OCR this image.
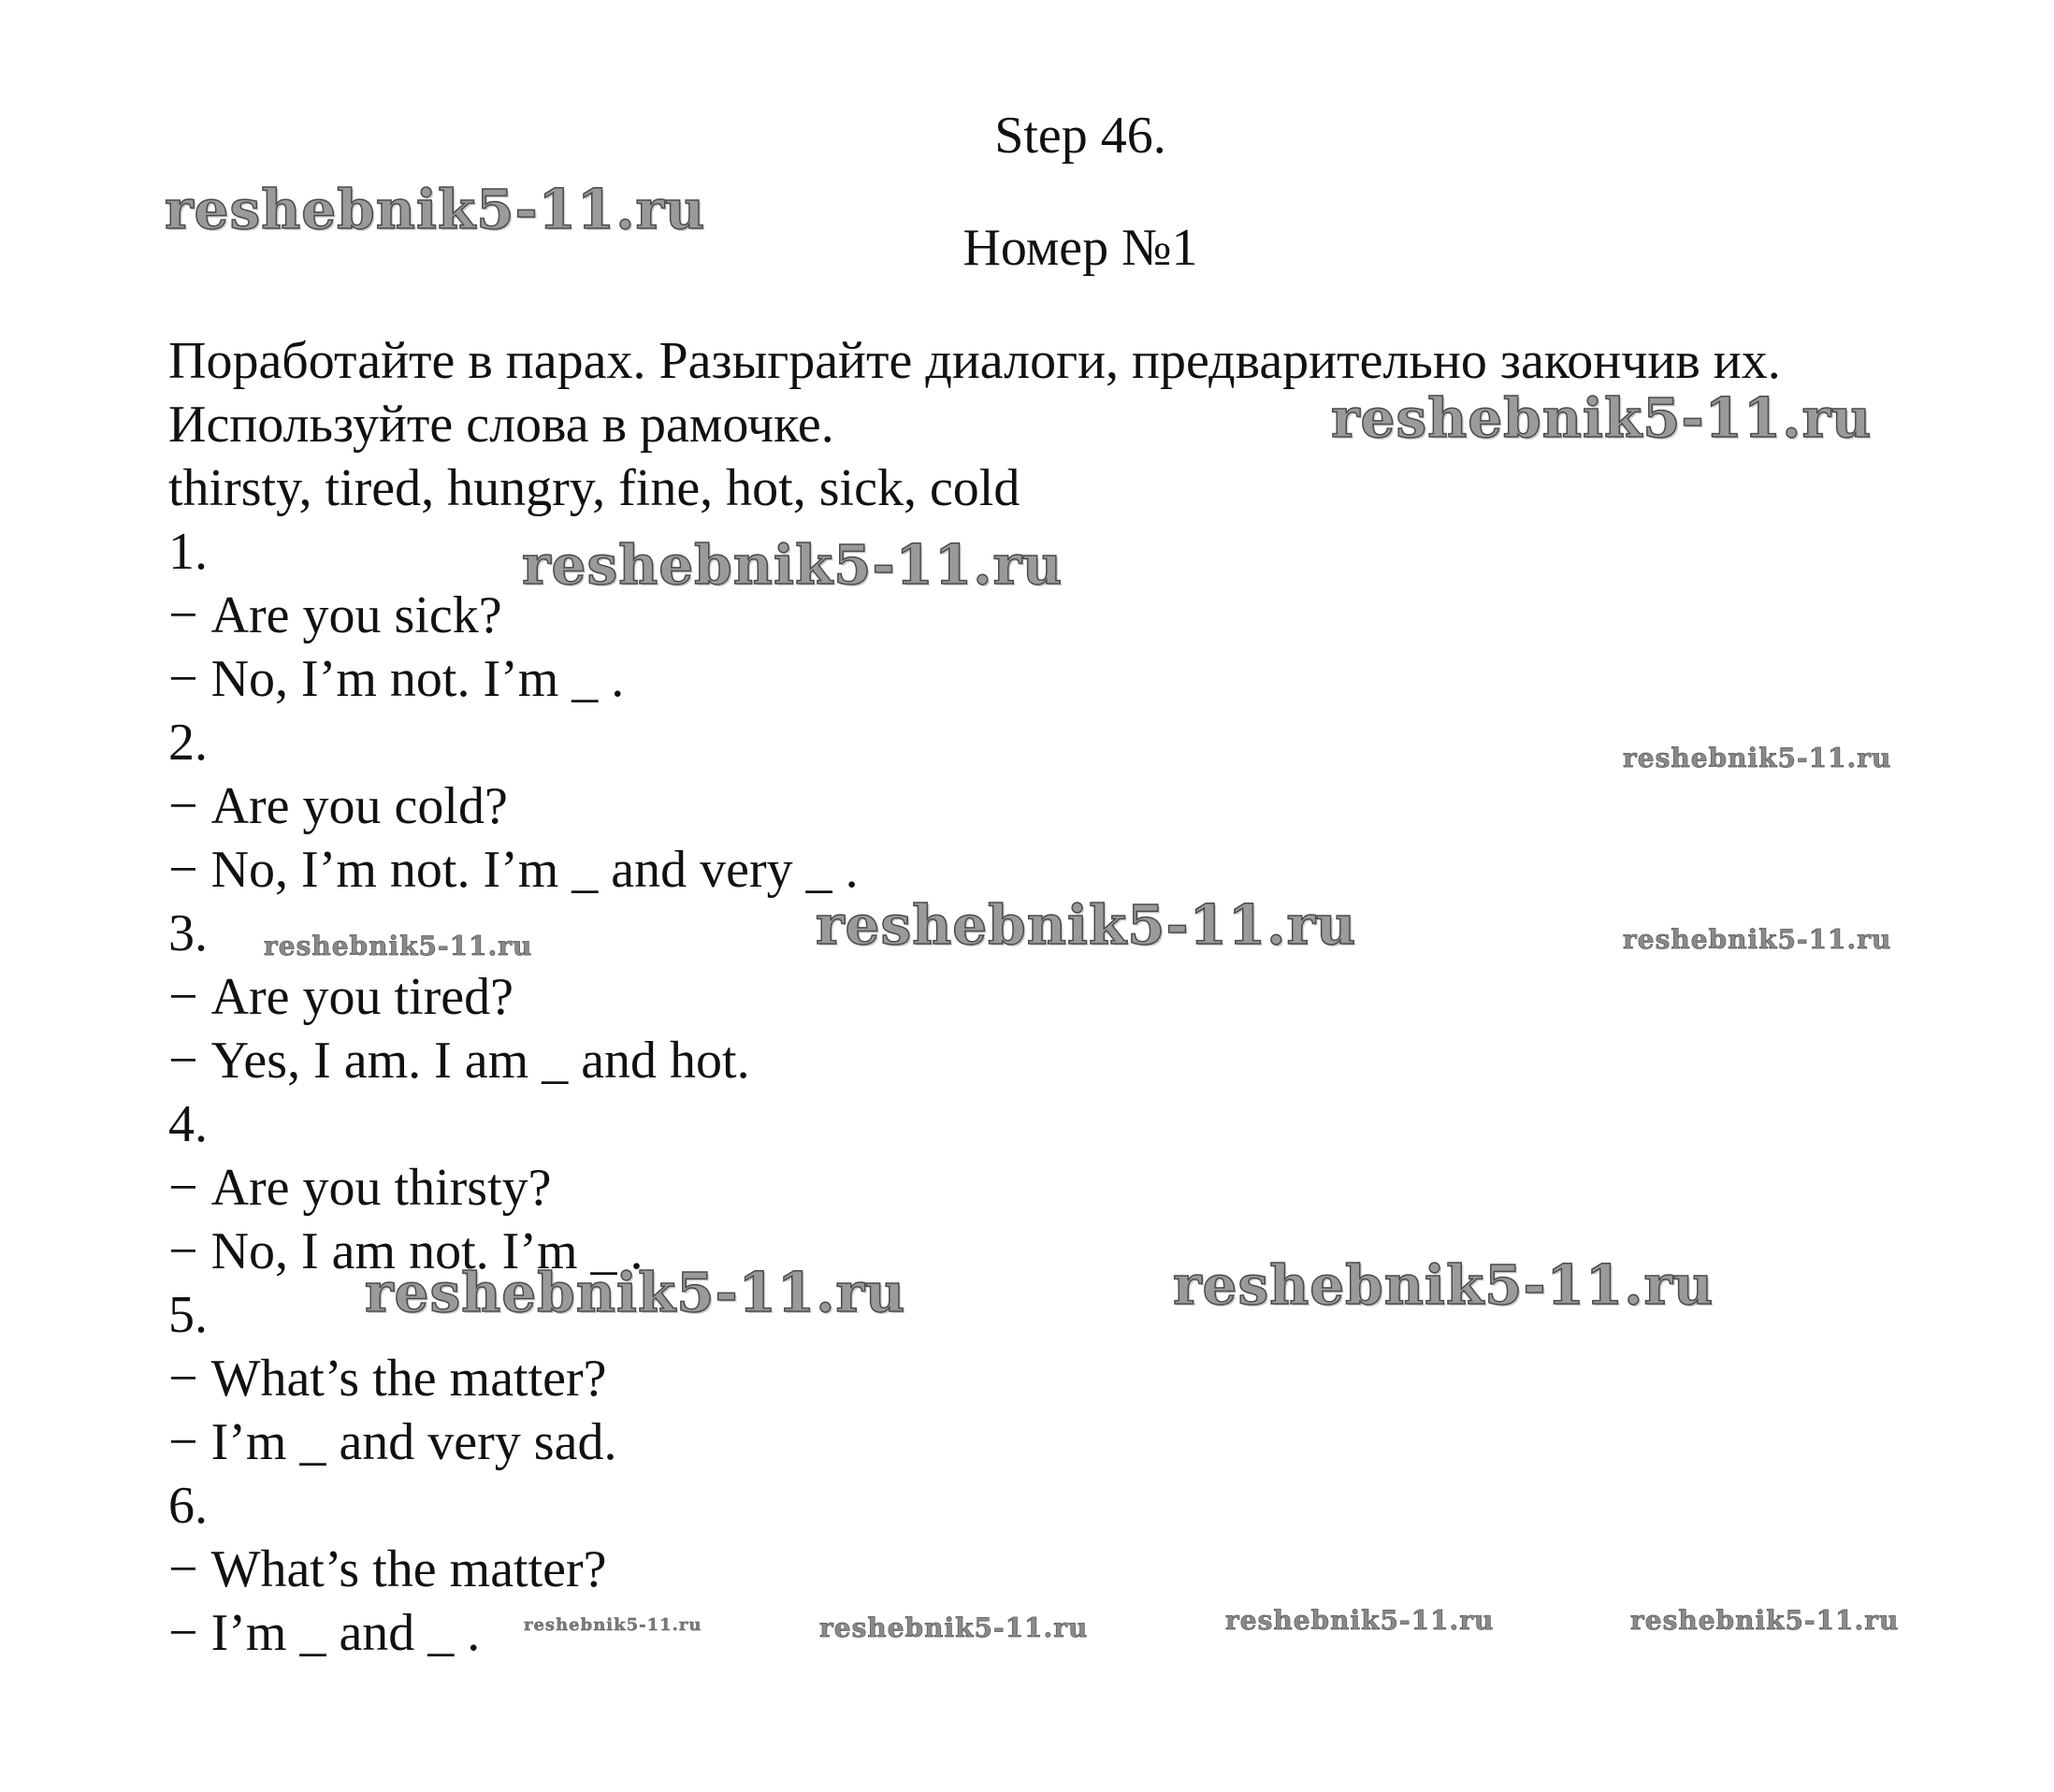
Step 46.
Номер №1
Поработайте в парах. Разыграйте диалоги, предварительно закончив их.
Используйте слова в рамочке.
thirsty, tired, hungry, fine, hot, sick, cold
1.
− Are you sick?
− No, I’m not. I’m _ .
2.
− Are you cold?
− No, I’m not. I’m _ and very _ .
3.
− Are you tired?
− Yes, I am. I am _ and hot.
4.
− Are you thirsty?
− No, I am not. I’m _ .
5.
− What’s the matter?
− I’m _ and very sad.
6.
− What’s the matter?
− I’m _ and _ .
reshebnik5-11.ru
reshebnik5-11.ru
reshebnik5-11.ru
reshebnik5-11.ru
reshebnik5-11.ru	reshebnik5-11.ru	reshebnik5-11.ru
reshebnik5-11.ru	reshebnik5-11.ru
reshebnik5-11.ru	reshebnik5-11.ru	reshebnik5-11.ru	reshebnik5-11.ru
